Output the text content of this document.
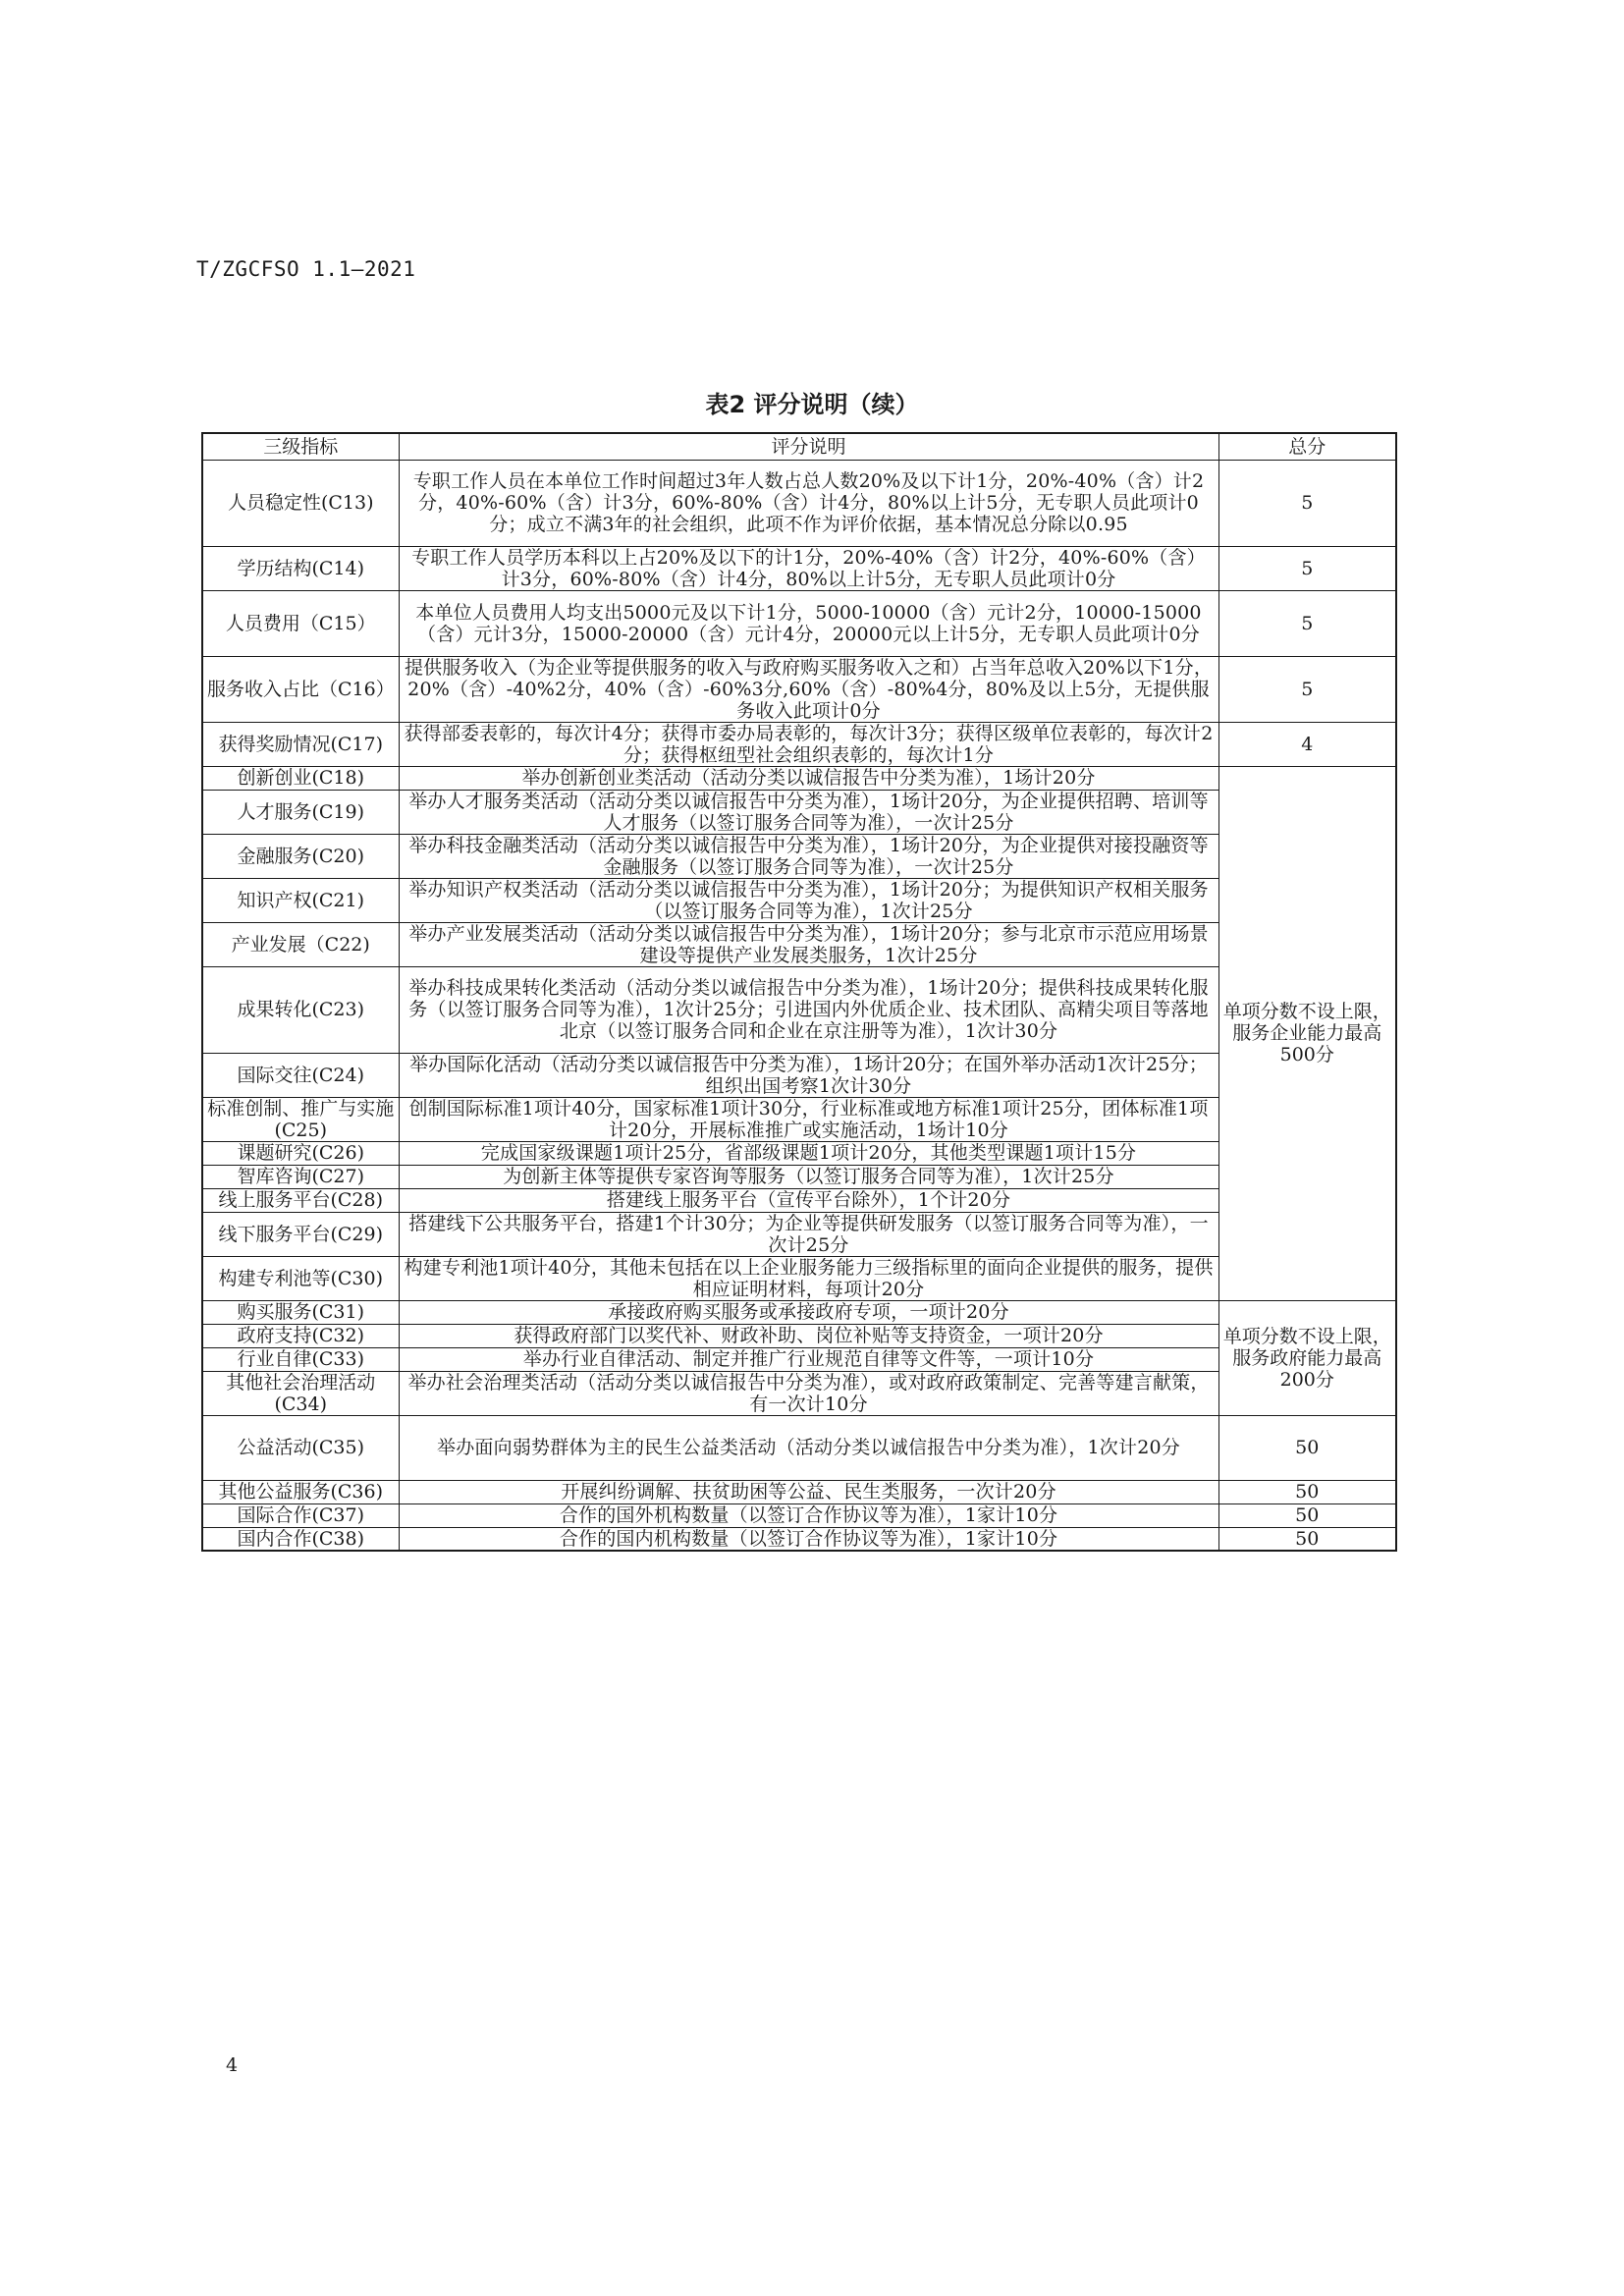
T/ZGCFSO 1.1—2021
表2 评分说明（续）
三级指标	评分说明	总分
人员稳定性(C13)	专职工作人员在本单位工作时间超过3年人数占总人数20%及以下计1分，20%-40%（含）计2分，40%-60%（含）计3分，60%-80%（含）计4分，80%以上计5分，无专职人员此项计0分；成立不满3年的社会组织，此项不作为评价依据，基本情况总分除以0.95	5
学历结构(C14)	专职工作人员学历本科以上占20%及以下的计1分，20%-40%（含）计2分，40%-60%（含）计3分，60%-80%（含）计4分，80%以上计5分，无专职人员此项计0分	5
人员费用（C15）	本单位人员费用人均支出5000元及以下计1分，5000-10000（含）元计2分，10000-15000（含）元计3分，15000-20000（含）元计4分，20000元以上计5分，无专职人员此项计0分	5
服务收入占比（C16）	提供服务收入（为企业等提供服务的收入与政府购买服务收入之和）占当年总收入20%以下1分，20%（含）-40%2分，40%（含）-60%3分,60%（含）-80%4分，80%及以上5分，无提供服务收入此项计0分	5
获得奖励情况(C17)	获得部委表彰的，每次计4分；获得市委办局表彰的，每次计3分；获得区级单位表彰的，每次计2分；获得枢纽型社会组织表彰的，每次计1分	4
创新创业(C18)	举办创新创业类活动（活动分类以诚信报告中分类为准），1场计20分	单项分数不设上限，服务企业能力最高500分
人才服务(C19)	举办人才服务类活动（活动分类以诚信报告中分类为准），1场计20分，为企业提供招聘、培训等人才服务（以签订服务合同等为准），一次计25分	
金融服务(C20)	举办科技金融类活动（活动分类以诚信报告中分类为准），1场计20分，为企业提供对接投融资等金融服务（以签订服务合同等为准），一次计25分	
知识产权(C21)	举办知识产权类活动（活动分类以诚信报告中分类为准），1场计20分；为提供知识产权相关服务（以签订服务合同等为准），1次计25分	
产业发展（C22)	举办产业发展类活动（活动分类以诚信报告中分类为准），1场计20分；参与北京市示范应用场景建设等提供产业发展类服务，1次计25分	
成果转化(C23)	举办科技成果转化类活动（活动分类以诚信报告中分类为准），1场计20分；提供科技成果转化服务（以签订服务合同等为准），1次计25分；引进国内外优质企业、技术团队、高精尖项目等落地北京（以签订服务合同和企业在京注册等为准），1次计30分	
国际交往(C24)	举办国际化活动（活动分类以诚信报告中分类为准），1场计20分；在国外举办活动1次计25分；组织出国考察1次计30分	
标准创制、推广与实施(C25)	创制国际标准1项计40分，国家标准1项计30分，行业标准或地方标准1项计25分，团体标准1项计20分，开展标准推广或实施活动，1场计10分	
课题研究(C26)	完成国家级课题1项计25分，省部级课题1项计20分，其他类型课题1项计15分	
智库咨询(C27)	为创新主体等提供专家咨询等服务（以签订服务合同等为准），1次计25分	
线上服务平台(C28)	搭建线上服务平台（宣传平台除外），1个计20分	
线下服务平台(C29)	搭建线下公共服务平台，搭建1个计30分；为企业等提供研发服务（以签订服务合同等为准），一次计25分	
构建专利池等(C30)	构建专利池1项计40分，其他未包括在以上企业服务能力三级指标里的面向企业提供的服务，提供相应证明材料，每项计20分	
购买服务(C31)	承接政府购买服务或承接政府专项，一项计20分	单项分数不设上限，服务政府能力最高200分
政府支持(C32)	获得政府部门以奖代补、财政补助、岗位补贴等支持资金，一项计20分	
行业自律(C33)	举办行业自律活动、制定并推广行业规范自律等文件等，一项计10分	
其他社会治理活动(C34)	举办社会治理类活动（活动分类以诚信报告中分类为准），或对政府政策制定、完善等建言献策，有一次计10分	
公益活动(C35)	举办面向弱势群体为主的民生公益类活动（活动分类以诚信报告中分类为准），1次计20分	50
其他公益服务(C36)	开展纠纷调解、扶贫助困等公益、民生类服务，一次计20分	50
国际合作(C37)	合作的国外机构数量（以签订合作协议等为准），1家计10分	50
国内合作(C38)	合作的国内机构数量（以签订合作协议等为准），1家计10分	50
4
